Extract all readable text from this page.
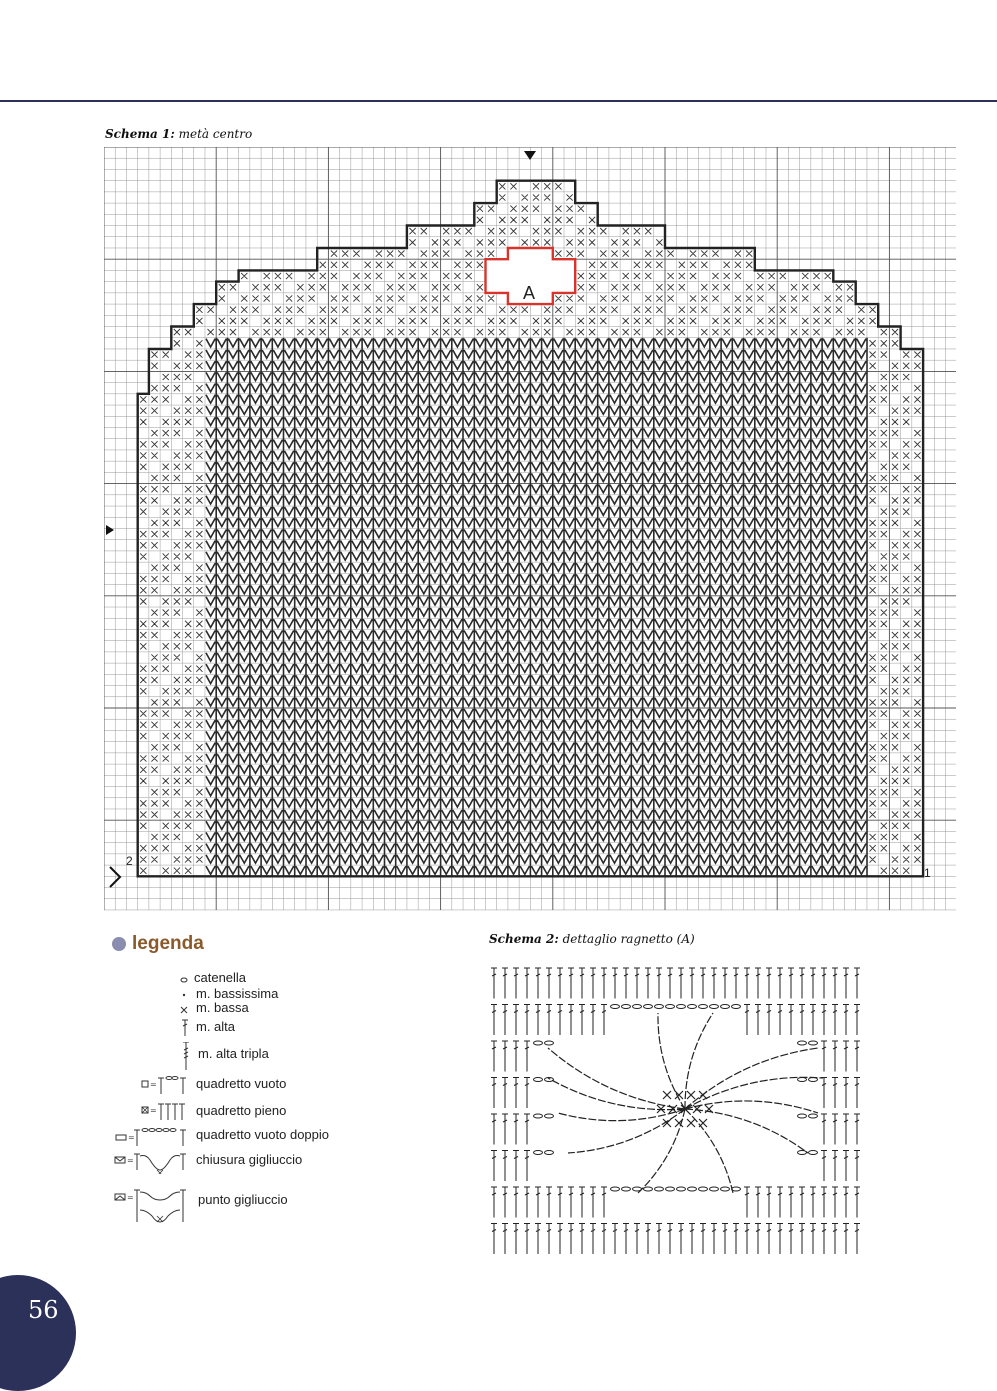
Schema 1: metà centro
A
2
1
legenda
catenella
m. bassissima
m. bassa
m. alta
m. alta tripla
=	quadretto vuoto
=	quadretto pieno
=	quadretto vuoto doppio
=	chiusura gigliuccio
=	punto gigliuccio
Schema 2: dettaglio ragnetto (A)
56
